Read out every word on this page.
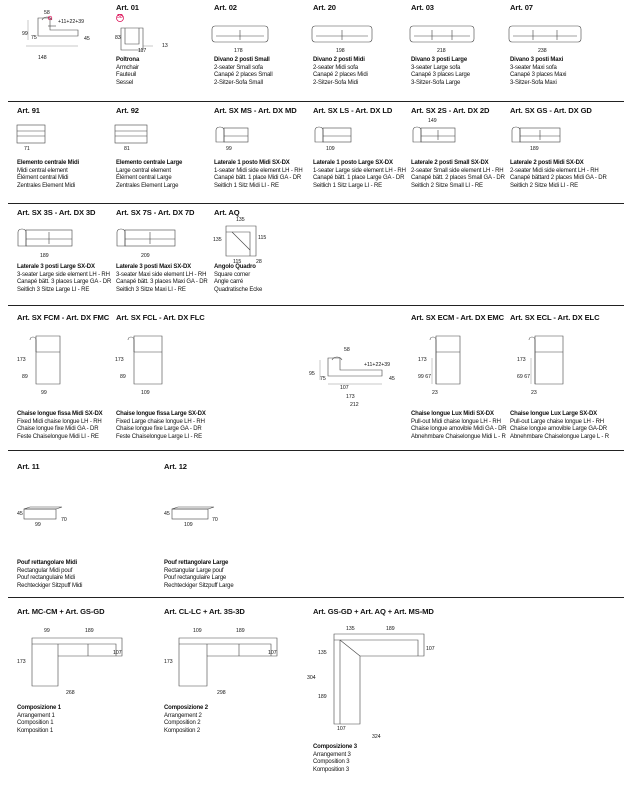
58
+11+22+39
99
75	45
148
Art. 01
38
83
117
13
Poltrona
Armchair
Fauteuil
Sessel
Art. 02
178
Divano 2 posti Small
2-seater Small sofa
Canapé 2 places Small
2-Sitzer-Sofa Small
Art. 20
198
Divano 2 posti Midi
2-seater Midi sofa
Canapé 2 places Midi
2-Sitzer-Sofa Midi
Art. 03
218
Divano 3 posti Large
3-seater Large sofa
Canapé 3 places Large
3-Sitzer-Sofa Large
Art. 07
238
Divano 3 posti Maxi
3-seater Maxi sofa
Canapé 3 places Maxi
3-Sitzer-Sofa Maxi
Art. 91
71
Elemento centrale Midi
Midi central element
Élément central Midi
Zentrales Element Midi
Art. 92
81
Elemento centrale Large
Large central element
Élément central Large
Zentrales Element Large
Art. SX MS - Art. DX MD
99
Laterale 1 posto Midi SX-DX
1-seater Midi side element LH - RH
Canapé bätt. 1 place Midi GA - DR
Seitlich 1 Sitz Midi LI - RE
Art. SX LS - Art. DX LD
109
Laterale 1 posto Large SX-DX
1-seater Large side element LH - RH
Canapé bätt. 1 place Large GA - DR
Seitlich 1 Sitz Large LI - RE
Art. SX 2S - Art. DX 2D
149
Laterale 2 posti Small SX-DX
2-seater Small side element LH - RH
Canapé bätt. 2 places Small GA - DR
Seitlich 2 Sitze Small LI - RE
Art. SX GS - Art. DX GD
189
Laterale 2 posti Midi SX-DX
2-seater Midi side element LH - RH
Canapé bättard 2 places Midi GA - DR
Seitlich 2 Sitze Midi LI - RE
Art. SX 3S - Art. DX 3D
189
Laterale 3 posti Large SX-DX
3-seater Large side element LH - RH
Canapé bätt. 3 places Large GA - DR
Seitlich 3 Sitze Large LI - RE
Art. SX 7S - Art. DX 7D
209
Laterale 3 posti Maxi SX-DX
3-seater Maxi side element LH - RH
Canapé bätt. 3 places Maxi GA - DR
Seitlich 3 Sitze Maxi LI - RE
Art. AQ
135
135	115
115	28
Angolo Quadro
Square corner
Angle carré
Quadratische Ecke
Art. SX FCM - Art. DX FMC
173
89
99
Chaise longue fissa Midi SX-DX
Fixed Midi chaise longue LH - RH
Chaise longue fixe Midi GA - DR
Feste Chaiselongue Midi LI - RE
Art. SX FCL - Art. DX FLC
173
89
109
Chaise longue fissa Large SX-DX
Fixed Large chaise longue LH - RH
Chaise longue fixe Large GA - DR
Feste Chaiselongue Large LI - RE
58
+11+22+39
95
75
107
173
212
45
Art. SX ECM - Art. DX EMC
173
99 67
23
Chaise longue Lux Midi SX-DX
Pull-out Midi chaise longue LH - RH
Chaise longue amovible Midi GA - DR
Abnehmbare Chaiselongue Midi L - R
Art. SX ECL - Art. DX ELC
173
69 67
23
Chaise longue Lux Large SX-DX
Pull-out Large chaise longue LH - RH
Chaise longue amovible Large GA-DR
Abnehmbare Chaiselongue Large L - R
Art. 11
45
99
70
Pouf rettangolare Midi
Rectangular Midi pouf
Pouf rectangulaire Midi
Rechteckiger Sitzpuff Midi
Art. 12
45
109
70
Pouf rettangolare Large
Rectangular Large pouf
Pouf rectangulaire Large
Rechteckiger Sitzpuff Large
Art. MC-CM + Art. GS-GD
99	189
107
173
268
Composizione 1
Arrangement 1
Composition 1
Komposition 1
Art. CL-LC + Art. 3S-3D
109	189
107
173
298
Composizione 2
Arrangement 2
Composition 2
Komposition 2
Art. GS-GD + Art. AQ + Art. MS-MD
135	189
107
135
304
189
107
324
Composizione 3
Arrangement 3
Composition 3
Komposition 3
